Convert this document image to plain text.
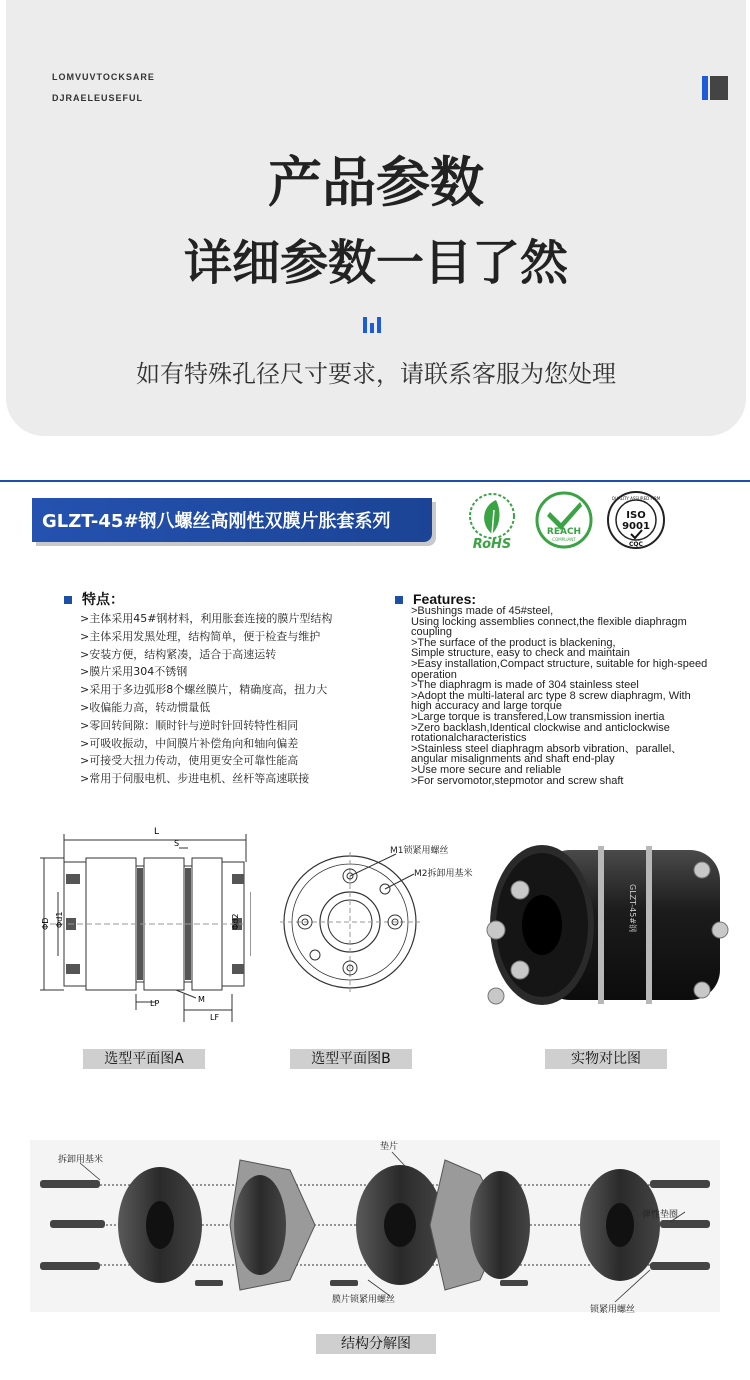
LOMVUVTOCKSARE
DJRAELEUSEFUL
产品参数
详细参数一目了然
如有特殊孔径尺寸要求，请联系客服为您处理
GLZT-45#钢八螺丝高刚性双膜片胀套系列
RoHS
REACH
COMPLIANT
QUALITY ASSURED FIRM
ISO
9001
CQC
特点：
>主体采用45#钢材料，利用胀套连接的膜片型结构
>主体采用发黑处理，结构简单，便于检查与维护
>安装方便，结构紧凑，适合于高速运转
>膜片采用304不锈钢
>采用于多边弧形8个螺丝膜片，精确度高，扭力大
>收偏能力高，转动惯量低
>零回转间隙：顺时针与逆时针回转特性相同
>可吸收振动，中间膜片补偿角向和轴向偏差
>可接受大扭力传动，使用更安全可靠性能高
>常用于伺服电机、步进电机、丝杆等高速联接
Features:
>Bushings made of 45#steel,
Using locking assemblies connect,the flexible diaphragm
coupling
>The surface of the product is blackening,
Simple structure, easy to check and maintain
>Easy installation,Compact structure, suitable for high-speed
operation
>The diaphragm is made of 304 stainless steel
>Adopt the multi-lateral arc type 8 screw diaphragm, With
high accuracy and large torque
>Large torque is transfered,Low transmission inertia
>Zero backlash,Identical clockwise and anticlockwise
rotationalcharacteristics
>Stainless steel diaphragm absorb vibration、parallel、
angular misalignments and shaft end-play
>Use more secure and reliable
>For servomotor,stepmotor and screw shaft
L
S
ΦD Φd1	Φd2
LP	M
LF
M1锁紧用螺丝
M2拆卸用基米
GLZT-45#钢
选型平面图A	选型平面图B	实物对比图
拆卸用基米
垫片
弹性垫圈
膜片锁紧用螺丝
锁紧用螺丝
结构分解图
